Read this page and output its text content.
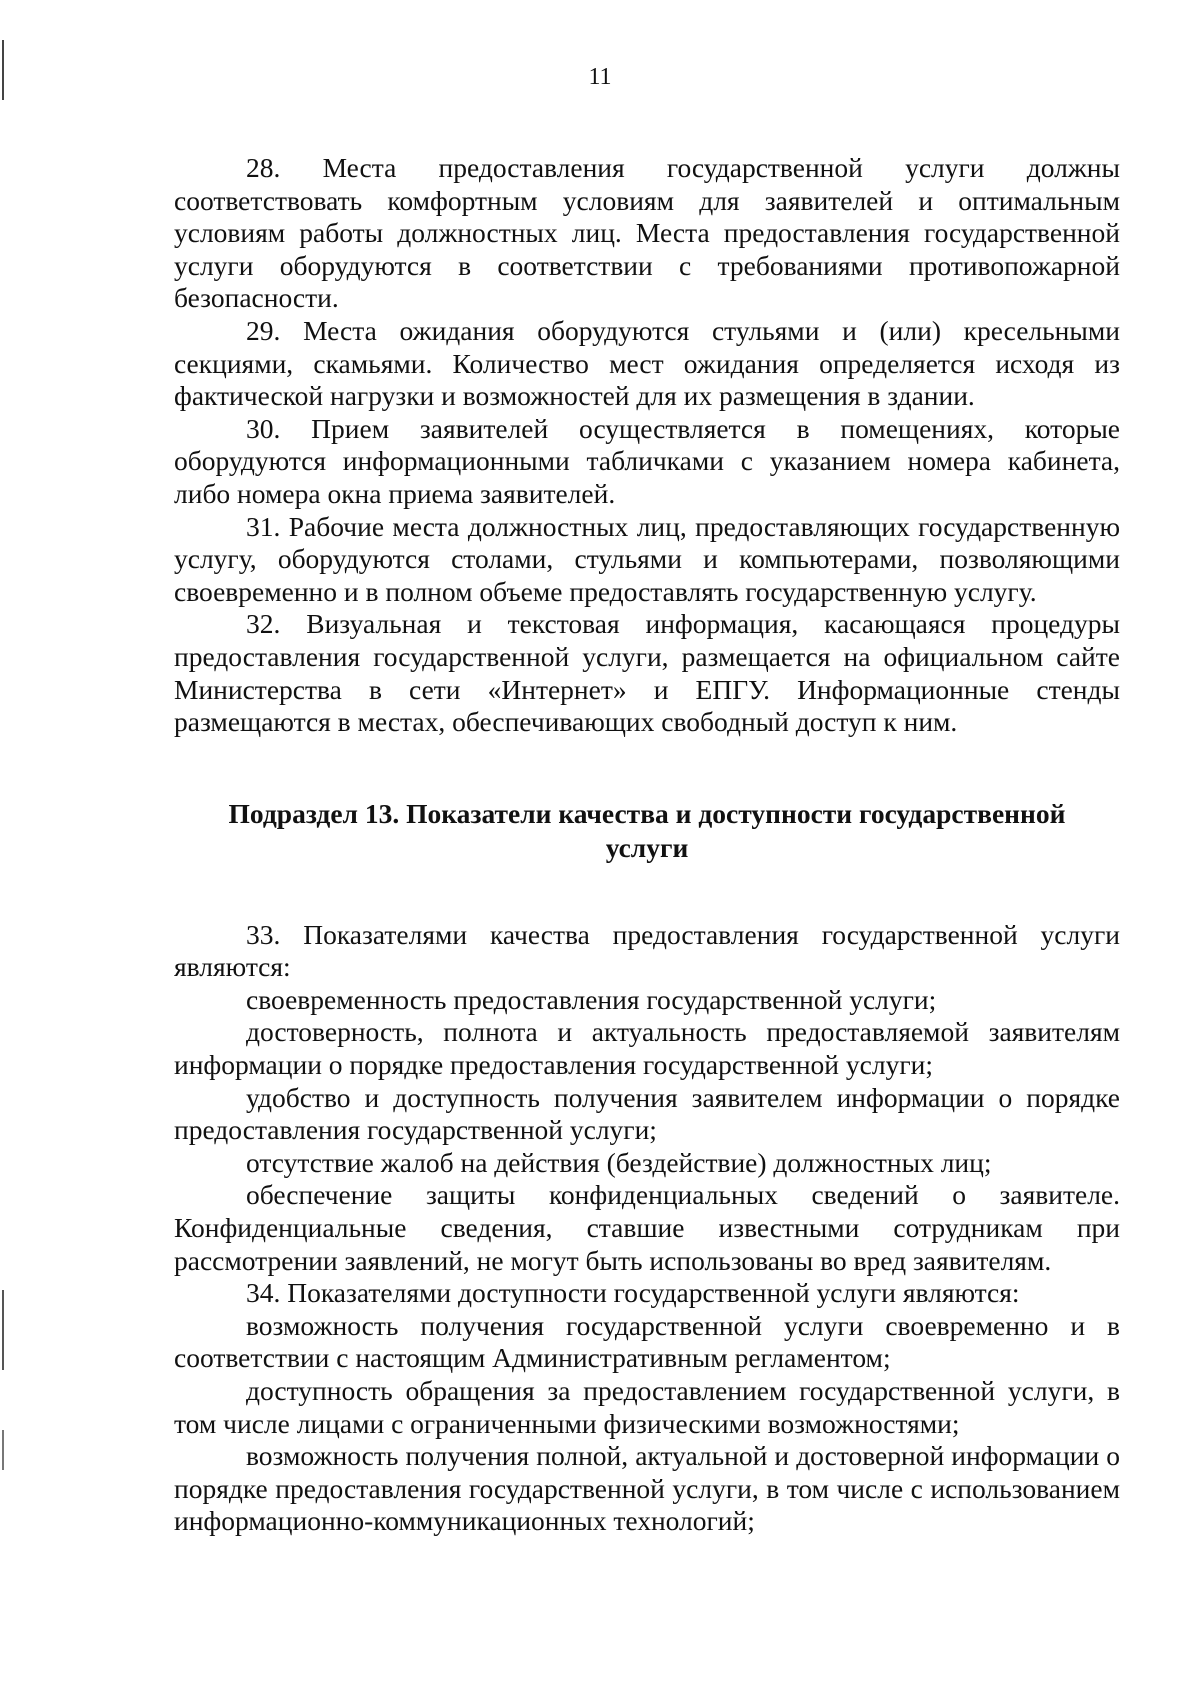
11

28. Места предоставления государственной услуги должны соответствовать комфортным условиям для заявителей и оптимальным условиям работы должностных лиц. Места предоставления государственной услуги оборудуются в соответствии с требованиями противопожарной безопасности.

29. Места ожидания оборудуются стульями и (или) кресельными секциями, скамьями. Количество мест ожидания определяется исходя из фактической нагрузки и возможностей для их размещения в здании.

30. Прием заявителей осуществляется в помещениях, которые оборудуются информационными табличками с указанием номера кабинета, либо номера окна приема заявителей.

31. Рабочие места должностных лиц, предоставляющих государственную услугу, оборудуются столами, стульями и компьютерами, позволяющими своевременно и в полном объеме предоставлять государственную услугу.

32. Визуальная и текстовая информация, касающаяся процедуры предоставления государственной услуги, размещается на официальном сайте Министерства в сети «Интернет» и ЕПГУ. Информационные стенды размещаются в местах, обеспечивающих свободный доступ к ним.

Подраздел 13. Показатели качества и доступности государственной услуги

33. Показателями качества предоставления государственной услуги являются:

своевременность предоставления государственной услуги;

достоверность, полнота и актуальность предоставляемой заявителям информации о порядке предоставления государственной услуги;

удобство и доступность получения заявителем информации о порядке предоставления государственной услуги;

отсутствие жалоб на действия (бездействие) должностных лиц;

обеспечение защиты конфиденциальных сведений о заявителе. Конфиденциальные сведения, ставшие известными сотрудникам при рассмотрении заявлений, не могут быть использованы во вред заявителям.

34. Показателями доступности государственной услуги являются:

возможность получения государственной услуги своевременно и в соответствии с настоящим Административным регламентом;

доступность обращения за предоставлением государственной услуги, в том числе лицами с ограниченными физическими возможностями;

возможность получения полной, актуальной и достоверной информации о порядке предоставления государственной услуги, в том числе с использованием информационно-коммуникационных технологий;
